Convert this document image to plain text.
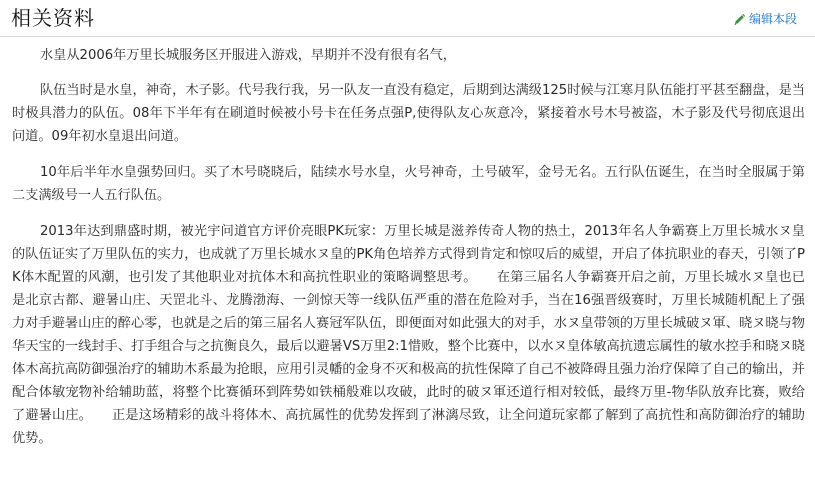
相关资料	编辑本段

水皇从2006年万里长城服务区开服进入游戏，早期并不没有很有名气，

队伍当时是水皇，神奇，木子影。代号我行我，另一队友一直没有稳定，后期到达满级125时候与江寒月队伍能打平甚至翻盘，是当时极具潜力的队伍。08年下半年有在刷道时候被小号卡在任务点强P,使得队友心灰意冷，紧接着水号木号被盗，木子影及代号彻底退出问道。09年初水皇退出问道。

10年后半年水皇强势回归。买了木号晓晓后，陆续水号水皇，火号神奇，土号破军，金号无名。五行队伍诞生，在当时全服属于第二支满级号一人五行队伍。

2013年达到鼎盛时期，被光宇问道官方评价亮眼PK玩家：万里长城是滋养传奇人物的热土，2013年名人争霸赛上万里长城水ヌ皇的队伍证实了万里队伍的实力，也成就了万里长城水ヌ皇的PK角色培养方式得到肯定和惊叹后的威望，开启了体抗职业的春天，引领了PK体木配置的风潮，也引发了其他职业对抗体木和高抗性职业的策略调整思考。　　在第三届名人争霸赛开启之前，万里长城水ヌ皇也已是北京古都、避暑山庄、天罡北斗、龙腾渤海、一剑惊天等一线队伍严重的潜在危险对手，当在16强晋级赛时，万里长城随机配上了强力对手避暑山庄的醉心零，也就是之后的第三届名人赛冠军队伍，即便面对如此强大的对手，水ヌ皇带领的万里长城破ヌ軍、晓ヌ晓与物华天宝的一线封手、打手组合与之抗衡良久，最后以避暑VS万里2:1惜败，整个比赛中，以水ヌ皇体敏高抗遗忘属性的敏水控手和晓ヌ晓体木高抗高防御强治疗的辅助木系最为抢眼，应用引灵幡的金身不灭和极高的抗性保障了自己不被降碍且强力治疗保障了自己的输出，并配合体敏宠物补给辅助蓝，将整个比赛循环到阵势如铁桶般难以攻破，此时的破ヌ軍还道行相对较低，最终万里-物华队放弃比赛，败给了避暑山庄。　　正是这场精彩的战斗将体木、高抗属性的优势发挥到了淋漓尽致，让全问道玩家都了解到了高抗性和高防御治疗的辅助优势。
